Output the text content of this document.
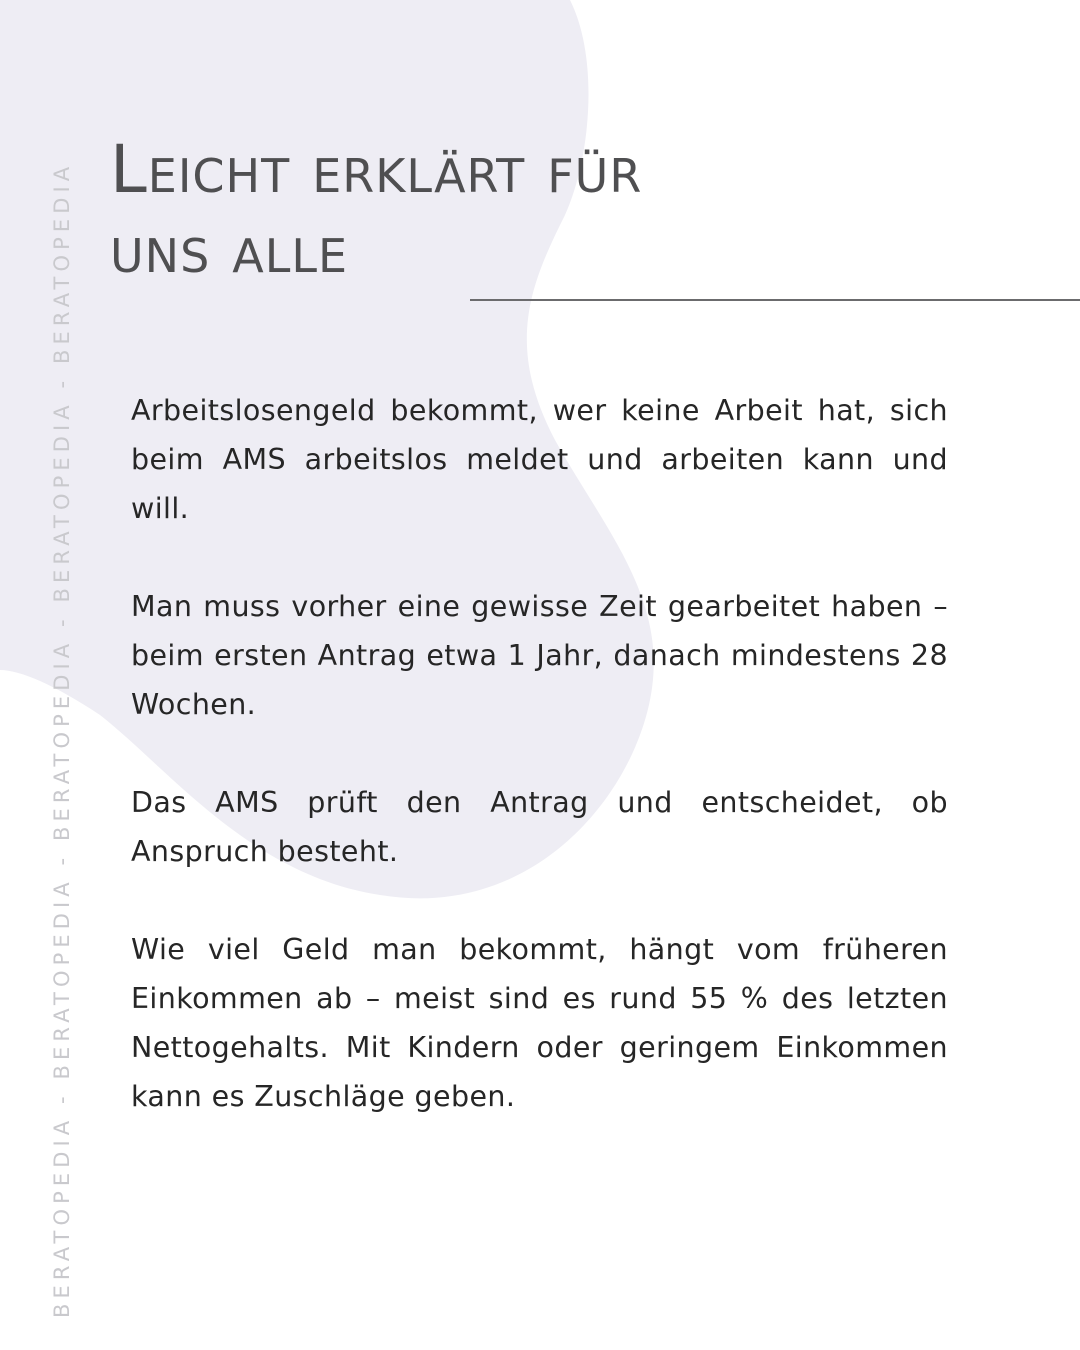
BERATOPEDIA - BERATOPEDIA - BERATOPEDIA - BERATOPEDIA - BERATOPEDIA Leicht erklärt für
uns alle

Arbeitslosengeld bekommt, wer keine Arbeit hat, sich beim AMS arbeitslos meldet und arbeiten kann und will.

Man muss vorher eine gewisse Zeit gearbeitet haben – beim ersten Antrag etwa 1 Jahr, danach mindestens 28 Wochen.

Das AMS prüft den Antrag und entscheidet, ob Anspruch besteht.

Wie viel Geld man bekommt, hängt vom früheren Einkommen ab – meist sind es rund 55 % des letzten Nettogehalts. Mit Kindern oder geringem Einkommen kann es Zuschläge geben.
